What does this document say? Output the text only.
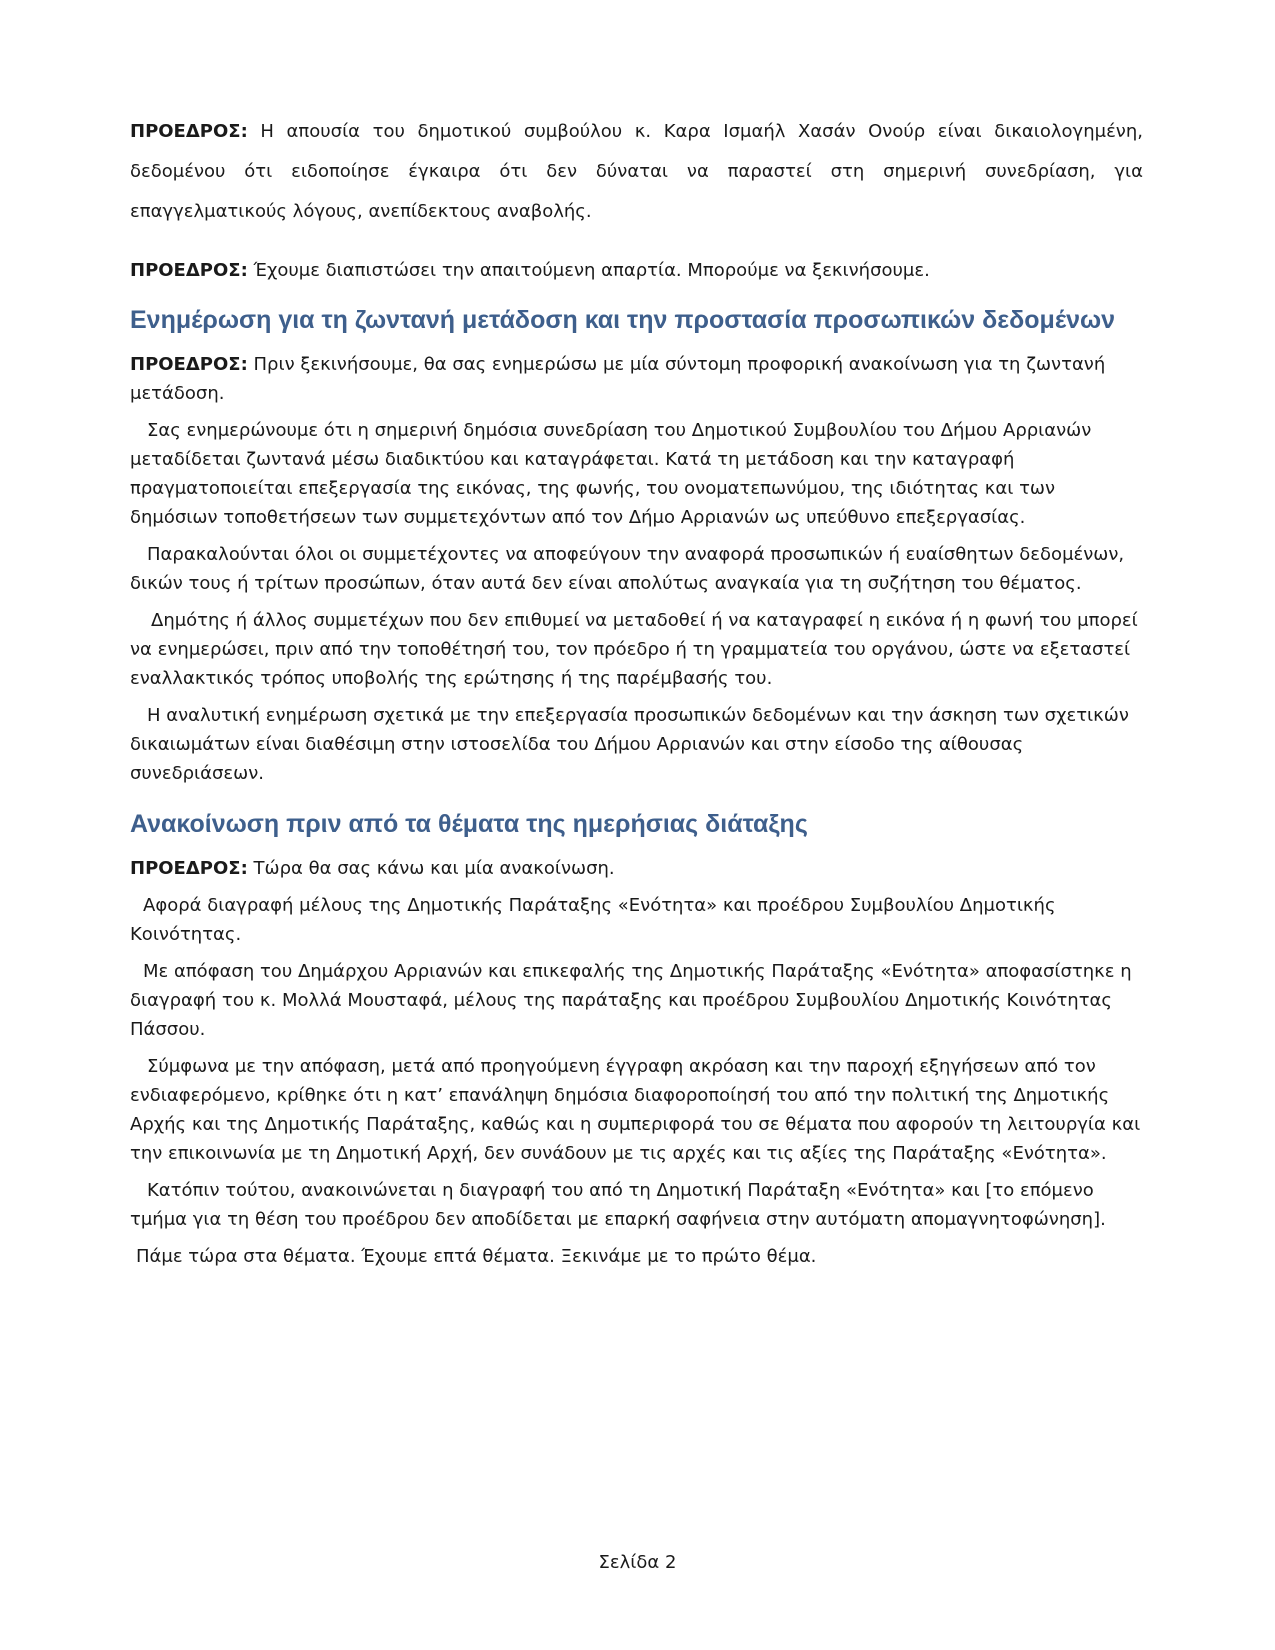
ΠΡΟΕΔΡΟΣ: Η απουσία του δημοτικού συμβούλου κ. Καρα Ισμαήλ Χασάν Ονούρ είναι δικαιολογημένη, δεδομένου ότι ειδοποίησε έγκαιρα ότι δεν δύναται να παραστεί στη σημερινή συνεδρίαση, για επαγγελματικούς λόγους, ανεπίδεκτους αναβολής.

ΠΡΟΕΔΡΟΣ: Έχουμε διαπιστώσει την απαιτούμενη απαρτία. Μπορούμε να ξεκινήσουμε.

Ενημέρωση για τη ζωντανή μετάδοση και την προστασία προσωπικών δεδομένων

ΠΡΟΕΔΡΟΣ: Πριν ξεκινήσουμε, θα σας ενημερώσω με μία σύντομη προφορική ανακοίνωση για τη ζωντανή μετάδοση.

Σας ενημερώνουμε ότι η σημερινή δημόσια συνεδρίαση του Δημοτικού Συμβουλίου του Δήμου Αρριανών μεταδίδεται ζωντανά μέσω διαδικτύου και καταγράφεται. Κατά τη μετάδοση και την καταγραφή πραγματοποιείται επεξεργασία της εικόνας, της φωνής, του ονοματεπωνύμου, της ιδιότητας και των δημόσιων τοποθετήσεων των συμμετεχόντων από τον Δήμο Αρριανών ως υπεύθυνο επεξεργασίας.

Παρακαλούνται όλοι οι συμμετέχοντες να αποφεύγουν την αναφορά προσωπικών ή ευαίσθητων δεδομένων, δικών τους ή τρίτων προσώπων, όταν αυτά δεν είναι απολύτως αναγκαία για τη συζήτηση του θέματος.

Δημότης ή άλλος συμμετέχων που δεν επιθυμεί να μεταδοθεί ή να καταγραφεί η εικόνα ή η φωνή του μπορεί να ενημερώσει, πριν από την τοποθέτησή του, τον πρόεδρο ή τη γραμματεία του οργάνου, ώστε να εξεταστεί εναλλακτικός τρόπος υποβολής της ερώτησης ή της παρέμβασής του.

Η αναλυτική ενημέρωση σχετικά με την επεξεργασία προσωπικών δεδομένων και την άσκηση των σχετικών δικαιωμάτων είναι διαθέσιμη στην ιστοσελίδα του Δήμου Αρριανών και στην είσοδο της αίθουσας συνεδριάσεων.

Ανακοίνωση πριν από τα θέματα της ημερήσιας διάταξης

ΠΡΟΕΔΡΟΣ: Τώρα θα σας κάνω και μία ανακοίνωση.

Αφορά διαγραφή μέλους της Δημοτικής Παράταξης «Ενότητα» και προέδρου Συμβουλίου Δημοτικής Κοινότητας.

Με απόφαση του Δημάρχου Αρριανών και επικεφαλής της Δημοτικής Παράταξης «Ενότητα» αποφασίστηκε η διαγραφή του κ. Μολλά Μουσταφά, μέλους της παράταξης και προέδρου Συμβουλίου Δημοτικής Κοινότητας Πάσσου.

Σύμφωνα με την απόφαση, μετά από προηγούμενη έγγραφη ακρόαση και την παροχή εξηγήσεων από τον ενδιαφερόμενο, κρίθηκε ότι η κατ’ επανάληψη δημόσια διαφοροποίησή του από την πολιτική της Δημοτικής Αρχής και της Δημοτικής Παράταξης, καθώς και η συμπεριφορά του σε θέματα που αφορούν τη λειτουργία και την επικοινωνία με τη Δημοτική Αρχή, δεν συνάδουν με τις αρχές και τις αξίες της Παράταξης «Ενότητα».

Κατόπιν τούτου, ανακοινώνεται η διαγραφή του από τη Δημοτική Παράταξη «Ενότητα» και [το επόμενο τμήμα για τη θέση του προέδρου δεν αποδίδεται με επαρκή σαφήνεια στην αυτόματη απομαγνητοφώνηση].

Πάμε τώρα στα θέματα. Έχουμε επτά θέματα. Ξεκινάμε με το πρώτο θέμα.

Σελίδα 2
